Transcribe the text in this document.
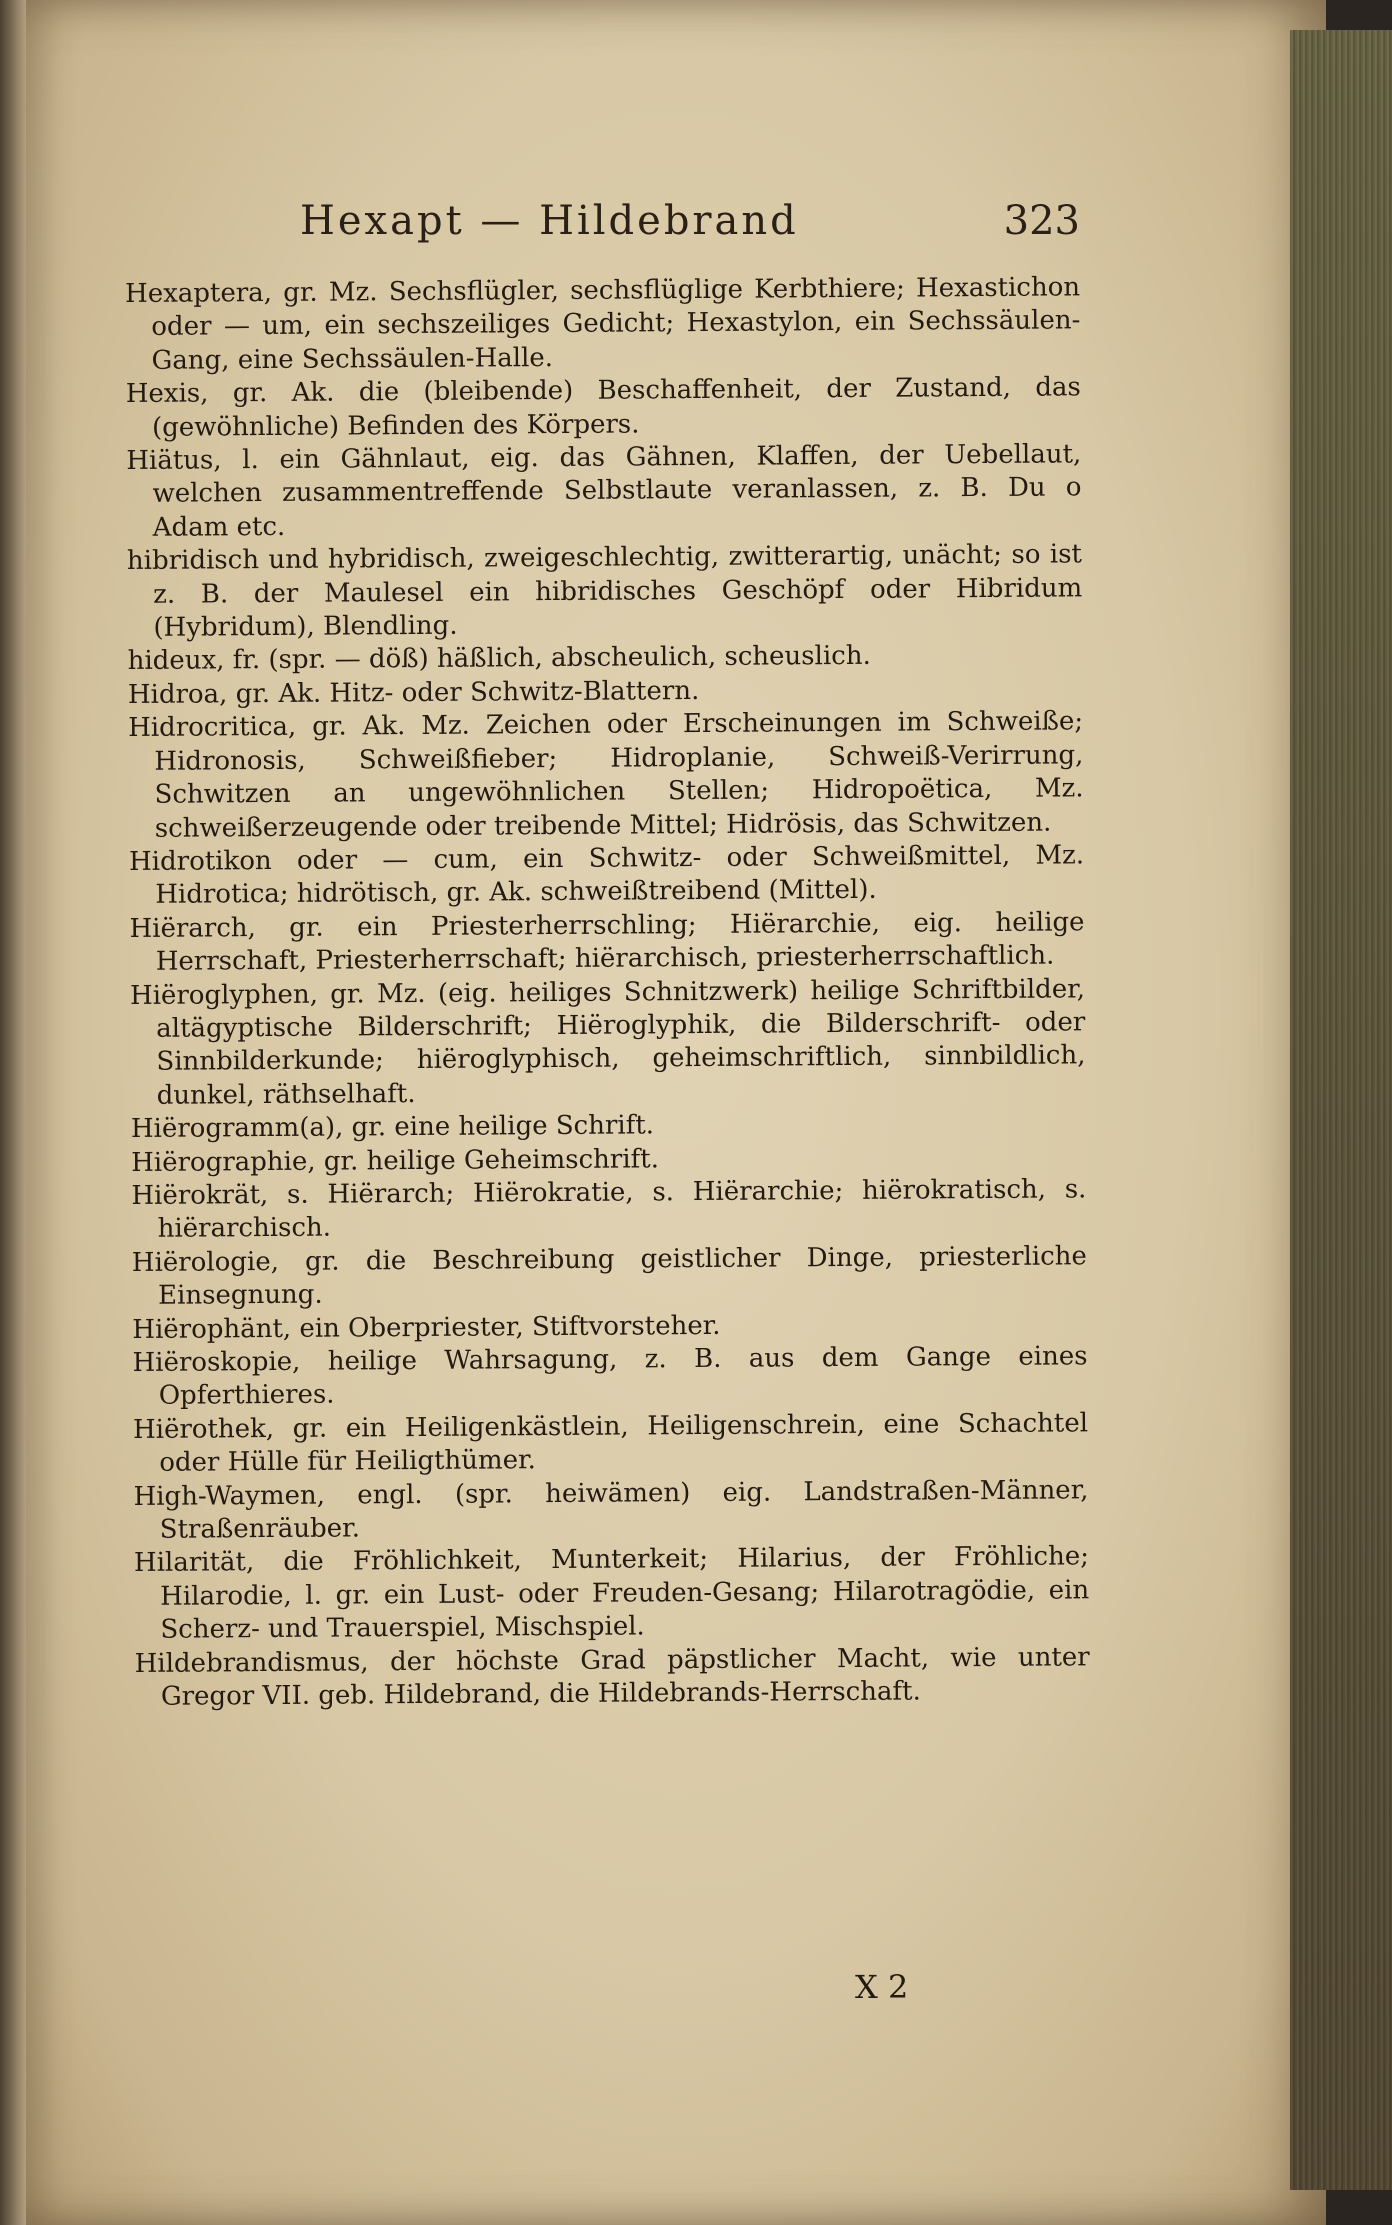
Hexapt — Hildebrand	323
Hexaptera, gr. Mz. Sechsflügler, sechsflüglige Kerbthiere; Hexastichon oder — um, ein sechszeiliges Gedicht; Hexastylon, ein Sechssäulen-Gang, eine Sechssäulen-Halle.
Hexis, gr. Ak. die (bleibende) Beschaffenheit, der Zustand, das (gewöhnliche) Befinden des Körpers.
Hiätus, l. ein Gähnlaut, eig. das Gähnen, Klaffen, der Uebellaut, welchen zusammentreffende Selbstlaute veranlassen, z. B. Du o Adam etc.
hibridisch und hybridisch, zweigeschlechtig, zwitterartig, unächt; so ist z. B. der Maulesel ein hibridisches Geschöpf oder Hibridum (Hybridum), Blendling.
hideux, fr. (spr. — döß) häßlich, abscheulich, scheuslich.
Hidroa, gr. Ak. Hitz- oder Schwitz-Blattern.
Hidrocritica, gr. Ak. Mz. Zeichen oder Erscheinungen im Schweiße; Hidronosis, Schweißfieber; Hidroplanie, Schweiß-Verirrung, Schwitzen an ungewöhnlichen Stellen; Hidropoëtica, Mz. schweißerzeugende oder treibende Mittel; Hidrösis, das Schwitzen.
Hidrotikon oder — cum, ein Schwitz- oder Schweißmittel, Mz. Hidrotica; hidrötisch, gr. Ak. schweißtreibend (Mittel).
Hiërarch, gr. ein Priesterherrschling; Hiërarchie, eig. heilige Herrschaft, Priesterherrschaft; hiërarchisch, priesterherrschaftlich.
Hiëroglyphen, gr. Mz. (eig. heiliges Schnitzwerk) heilige Schriftbilder, altägyptische Bilderschrift; Hiëroglyphik, die Bilderschrift- oder Sinnbilderkunde; hiëroglyphisch, geheimschriftlich, sinnbildlich, dunkel, räthselhaft.
Hiërogramm(a), gr. eine heilige Schrift.
Hiërographie, gr. heilige Geheimschrift.
Hiërokrät, s. Hiërarch; Hiërokratie, s. Hiërarchie; hiërokratisch, s. hiërarchisch.
Hiërologie, gr. die Beschreibung geistlicher Dinge, priesterliche Einsegnung.
Hiërophänt, ein Oberpriester, Stiftvorsteher.
Hiëroskopie, heilige Wahrsagung, z. B. aus dem Gange eines Opferthieres.
Hiërothek, gr. ein Heiligenkästlein, Heiligenschrein, eine Schachtel oder Hülle für Heiligthümer.
High-Waymen, engl. (spr. heiwämen) eig. Landstraßen-Männer, Straßenräuber.
Hilarität, die Fröhlichkeit, Munterkeit; Hilarius, der Fröhliche; Hilarodie, l. gr. ein Lust- oder Freuden-Gesang; Hilarotragödie, ein Scherz- und Trauerspiel, Mischspiel.
Hildebrandismus, der höchste Grad päpstlicher Macht, wie unter Gregor VII. geb. Hildebrand, die Hildebrands-Herrschaft.
X 2
